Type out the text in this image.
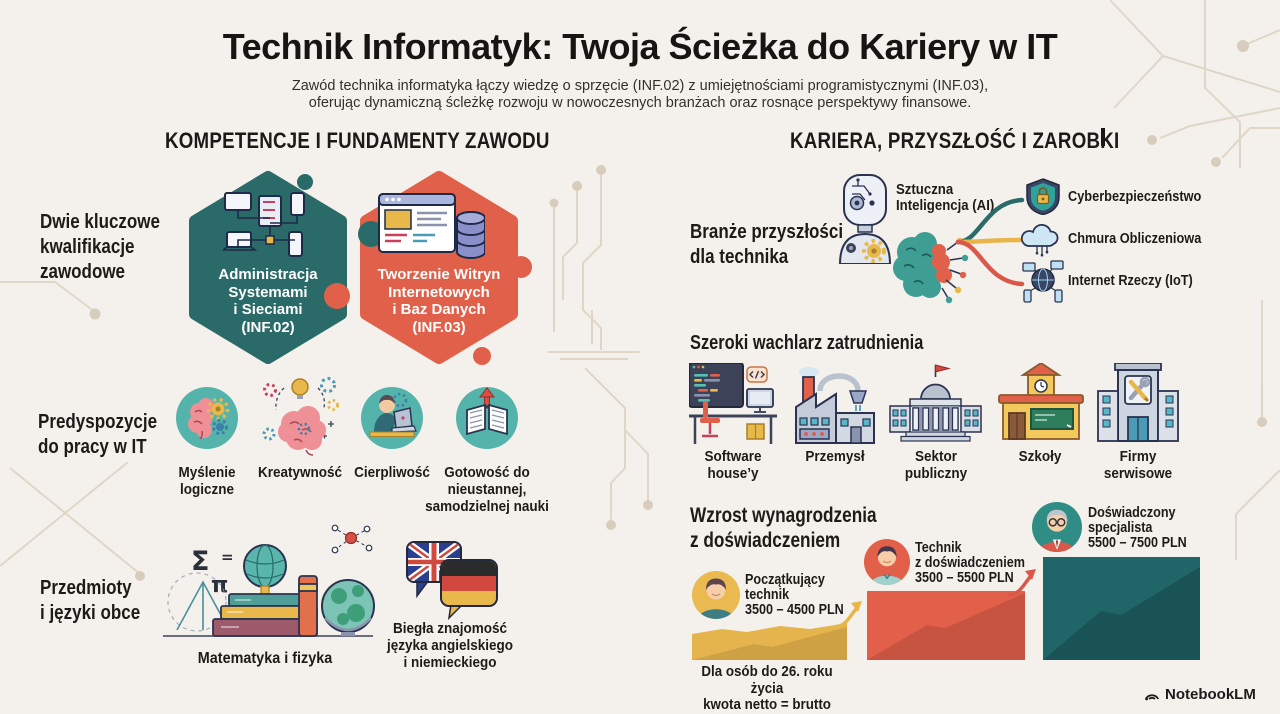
Technik Informatyk: Twoja Ścieżka do Kariery w IT
Zawód technika informatyka łączy wiedzę o sprzęcie (INF.02) z umiejętnościami programistycznymi (INF.03),
oferując dynamiczną ścleżkę rozwoju w nowoczesnych branżach oraz rosnące perspektywy finansowe.
KOMPETENCJE I FUNDAMENTY ZAWODU	KARIERA, PRZYSZŁOŚĆ I ZAROBKI
Dwie kluczowe
kwalifikacje
zawodowe	Administracja
Systemami
i Sieciami
(INF.02)
Tworzenie Witryn
Internetowych
i Baz Danych
(INF.03)
Predyspozycje
do pracy w IT
Myślenie
logiczne
Kreatywność Cierpliwość Gotowość do
nieustannej,
samodzielnej nauki
Przedmioty
i języki obce
Σ =
π
Matematyka i fizyka
Biegła znajomość
języka angielskiego
i niemieckiego
Branże przyszłości
dla technika
Sztuczna
Inteligencja (AI)	Cyberbezpieczeństwo
Chmura Obliczeniowa
Internet Rzeczy (IoT)
Szeroki wachlarz zatrudnienia
Software
house’y
Przemysł	Sektor
publiczny
Szkoły	Firmy
serwisowe
Wzrost wynagrodzenia
z doświadczeniem
Początkujący
technik
3500 – 4500 PLN
Dla osób do 26. roku życia
kwota netto = brutto
Technik
z doświadczeniem
3500 – 5500 PLN
Doświadczony
specjalista
5500 – 7500 PLN
NotebookLM
